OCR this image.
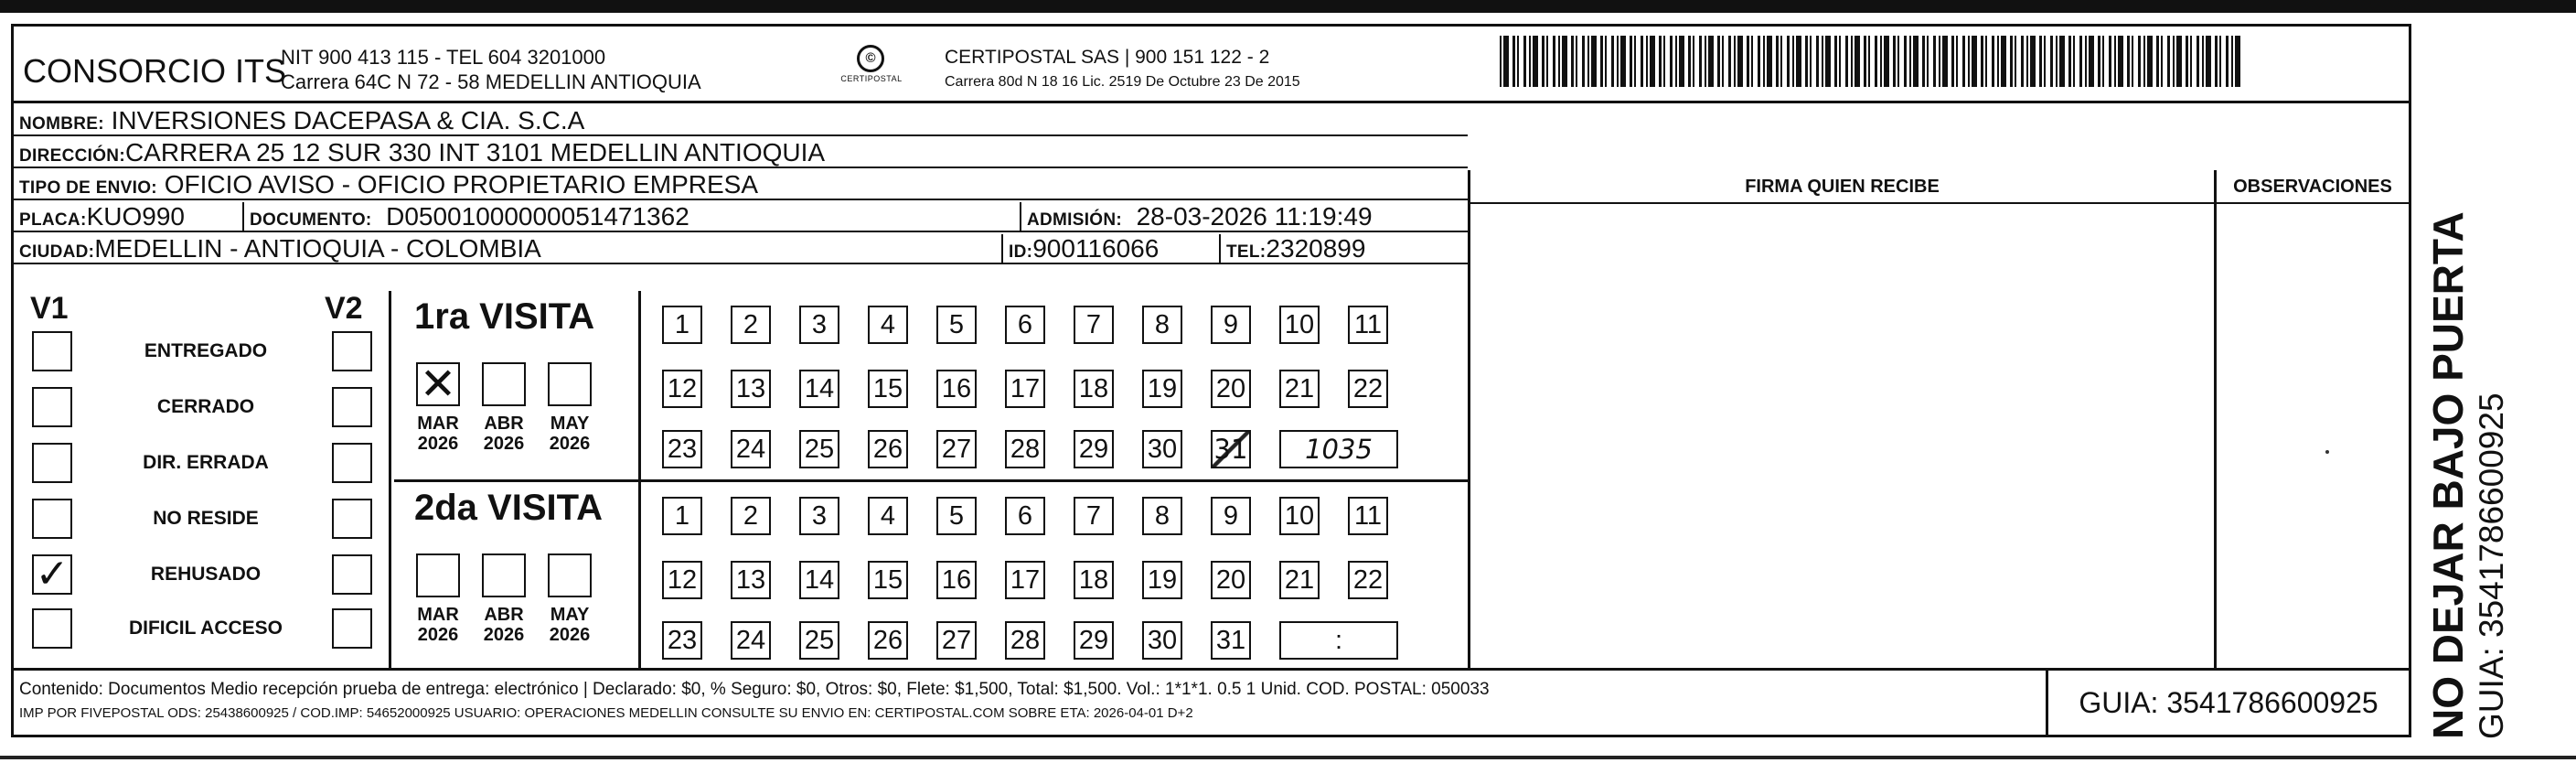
CONSORCIO ITS
NIT 900 413 115 - TEL 604 3201000
Carrera 64C N 72 - 58 MEDELLIN ANTIOQUIA
©
CERTIPOSTAL
CERTIPOSTAL SAS | 900 151 122 - 2
Carrera 80d N 18 16 Lic. 2519 De Octubre 23 De 2015
NOMBRE: INVERSIONES DACEPASA & CIA. S.C.A
DIRECCIÓN:CARRERA 25 12 SUR 330 INT 3101 MEDELLIN ANTIOQUIA
TIPO DE ENVIO: OFICIO AVISO - OFICIO PROPIETARIO EMPRESA
PLACA:KUO990	DOCUMENTO: D05001000000051471362	ADMISIÓN: 28-03-2026 11:19:49
CIUDAD:MEDELLIN - ANTIOQUIA - COLOMBIA	ID:900116066	TEL:2320899
FIRMA QUIEN RECIBE	OBSERVACIONES
V1	V2
ENTREGADO
CERRADO
DIR. ERRADA
NO RESIDE
✓	REHUSADO
DIFICIL ACCESO
1ra VISITA
✕
MAR
2026
ABR
2026
MAY
2026
2da VISITA
MAR
2026
ABR
2026
MAY
2026
1	2	3	4	5	6	7	8	9	10 11
12 13 14 15 16 17 18 19 20 21 22
23 24 25 26 27 28 29 30 31	1035
1	2	3	4	5	6	7	8	9	10 11
12 13 14 15 16 17 18 19 20 21 22
23 24 25 26 27 28 29 30 31	:
Contenido: Documentos Medio recepción prueba de entrega: electrónico | Declarado: $0, % Seguro: $0, Otros: $0, Flete: $1,500, Total: $1,500. Vol.: 1*1*1. 0.5 1 Unid. COD. POSTAL: 050033
IMP POR FIVEPOSTAL ODS: 25438600925 / COD.IMP: 54652000925 USUARIO: OPERACIONES MEDELLIN CONSULTE SU ENVIO EN: CERTIPOSTAL.COM SOBRE ETA: 2026-04-01 D+2	GUIA: 3541786600925	NO DEJAR BAJO PUERTA GUIA: 3541786600925
